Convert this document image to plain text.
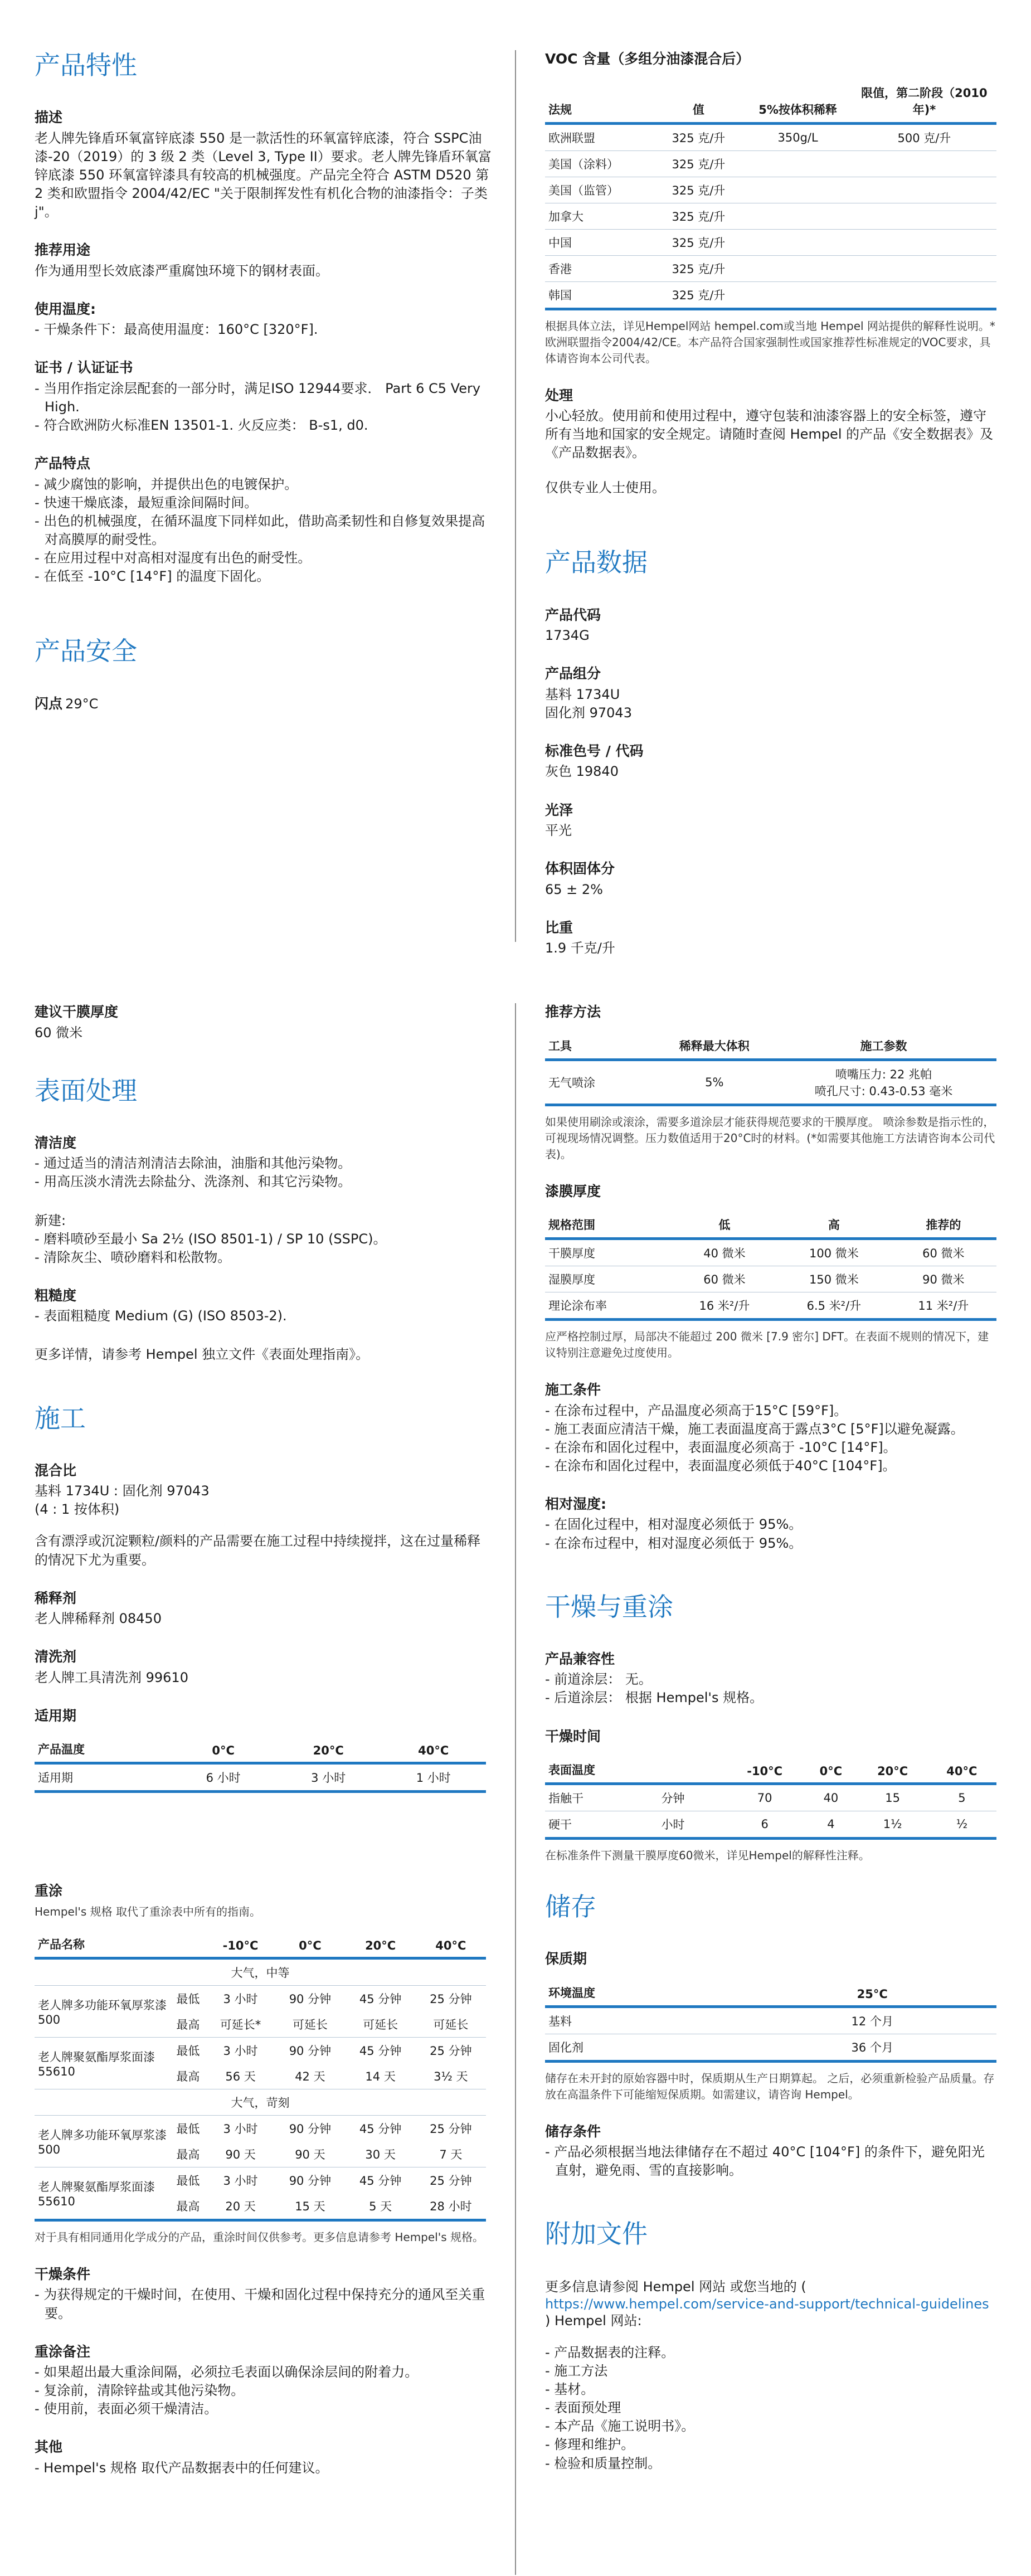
产品特性
描述

老人牌先锋盾环氧富锌底漆 550 是一款活性的环氧富锌底漆，符合 SSPC油漆-20（2019）的 3 级 2 类（Level 3, Type II）要求。老人牌先锋盾环氧富锌底漆 550 环氧富锌漆具有较高的机械强度。产品完全符合 ASTM D520 第 2 类和欧盟指令 2004/42/EC "关于限制挥发性有机化合物的油漆指令：子类j"。

推荐用途

作为通用型长效底漆严重腐蚀环境下的钢材表面。

使用温度:
- 干燥条件下：最高使用温度：160°C [320°F].
证书 / 认证证书
- 当用作指定涂层配套的一部分时，满足ISO 12944要求． Part 6 C5 Very High.
- 符合欧洲防火标准EN 13501-1. 火反应类： B-s1, d0.
产品特点
- 减少腐蚀的影响，并提供出色的电镀保护。
- 快速干燥底漆，最短重涂间隔时间。
- 出色的机械强度，在循环温度下同样如此，借助高柔韧性和自修复效果提高对高膜厚的耐受性。
- 在应用过程中对高相对湿度有出色的耐受性。
- 在低至 -10°C [14°F] 的温度下固化。
产品安全
闪点 29°C
VOC 含量（多组分油漆混合后）
法规	值	5%按体积稀释	限值，第二阶段（2010年)*
欧洲联盟	325 克/升	350g/L	500 克/升
美国（涂料）	325 克/升		
美国（监管）	325 克/升		
加拿大	325 克/升		
中国	325 克/升		
香港	325 克/升		
韩国	325 克/升		

根据具体立法，详见Hempel网站 hempel.com或当地 Hempel 网站提供的解释性说明。*欧洲联盟指令2004/42/CE。本产品符合国家强制性或国家推荐性标准规定的VOC要求，具体请咨询本公司代表。

处理

小心轻放。使用前和使用过程中，遵守包装和油漆容器上的安全标签，遵守所有当地和国家的安全规定。请随时查阅 Hempel 的产品《安全数据表》及《产品数据表》。

仅供专业人士使用。

产品数据
产品代码
1734G
产品组分
基料 1734U
固化剂 97043
标准色号 / 代码
灰色 19840
光泽
平光
体积固体分
65 ± 2%
比重
1.9 千克/升
建议干膜厚度
60 微米
表面处理
清洁度
- 通过适当的清洁剂清洁去除油，油脂和其他污染物。
- 用高压淡水清洗去除盐分、洗涤剂、和其它污染物。
新建:
- 磨料喷砂至最小 Sa 2½ (ISO 8501-1) / SP 10 (SSPC)。
- 清除灰尘、喷砂磨料和松散物。
粗糙度
- 表面粗糙度 Medium (G) (ISO 8503-2).

更多详情，请参考 Hempel 独立文件《表面处理指南》。

施工
混合比
基料 1734U : 固化剂 97043
(4 : 1 按体积)

含有漂浮或沉淀颗粒/颜料的产品需要在施工过程中持续搅拌，这在过量稀释的情况下尤为重要。

稀释剂
老人牌稀释剂 08450
清洗剂
老人牌工具清洗剂 99610
适用期
产品温度	0°C	20°C	40°C
适用期	6 小时	3 小时	1 小时
重涂

Hempel's 规格 取代了重涂表中所有的指南。

产品名称		-10°C	0°C	20°C	40°C
大气，中等					
老人牌多功能环氧厚浆漆 500	最低	3 小时	90 分钟	45 分钟	25 分钟
	最高	可延长*	可延长	可延长	可延长
老人牌聚氨酯厚浆面漆 55610	最低	3 小时	90 分钟	45 分钟	25 分钟
	最高	56 天	42 天	14 天	3½ 天
大气，苛刻					
老人牌多功能环氧厚浆漆 500	最低	3 小时	90 分钟	45 分钟	25 分钟
	最高	90 天	90 天	30 天	7 天
老人牌聚氨酯厚浆面漆 55610	最低	3 小时	90 分钟	45 分钟	25 分钟
	最高	20 天	15 天	5 天	28 小时

对于具有相同通用化学成分的产品，重涂时间仅供参考。更多信息请参考 Hempel's 规格。

干燥条件
- 为获得规定的干燥时间，在使用、干燥和固化过程中保持充分的通风至关重要。
重涂备注
- 如果超出最大重涂间隔，必须拉毛表面以确保涂层间的附着力。
- 复涂前，清除锌盐或其他污染物。
- 使用前，表面必须干燥清洁。
其他
- Hempel's 规格 取代产品数据表中的任何建议。
推荐方法
工具	稀释最大体积	施工参数
无气喷涂	5%	喷嘴压力: 22 兆帕
喷孔尺寸: 0.43-0.53 毫米

如果使用刷涂或滚涂，需要多道涂层才能获得规范要求的干膜厚度。 喷涂参数是指示性的，可视现场情况调整。压力数值适用于20°C时的材料。(*如需要其他施工方法请咨询本公司代表)。

漆膜厚度
规格范围	低	高	推荐的
干膜厚度	40 微米	100 微米	60 微米
湿膜厚度	60 微米	150 微米	90 微米
理论涂布率	16 米²/升	6.5 米²/升	11 米²/升

应严格控制过厚，局部决不能超过 200 微米 [7.9 密尔] DFT。在表面不规则的情况下，建议特别注意避免过度使用。

施工条件
- 在涂布过程中，产品温度必须高于15°C [59°F]。
- 施工表面应清洁干燥，施工表面温度高于露点3°C [5°F]以避免凝露。
- 在涂布和固化过程中，表面温度必须高于 -10°C [14°F]。
- 在涂布和固化过程中，表面温度必须低于40°C [104°F]。
相对湿度:
- 在固化过程中，相对湿度必须低于 95%。
- 在涂布过程中，相对湿度必须低于 95%。
干燥与重涂
产品兼容性
- 前道涂层： 无。
- 后道涂层： 根据 Hempel's 规格。
干燥时间
表面温度		-10°C	0°C	20°C	40°C
指触干	分钟	70	40	15	5
硬干	小时	6	4	1½	½

在标准条件下测量干膜厚度60微米，详见Hempel的解释性注释。

储存
保质期
环境温度	25°C
基料	12 个月
固化剂	36 个月

储存在未开封的原始容器中时，保质期从生产日期算起。 之后，必须重新检验产品质量。存放在高温条件下可能缩短保质期。如需建议，请咨询 Hempel。

储存条件
- 产品必须根据当地法律储存在不超过 40°C [104°F] 的条件下，避免阳光直射，避免雨、雪的直接影响。
附加文件
更多信息请参阅 Hempel 网站 或您当地的 (
https://www.hempel.com/service-and-support/technical-guidelines
) Hempel 网站:
- 产品数据表的注释。
- 施工方法
- 基材。
- 表面预处理
- 本产品《施工说明书》。
- 修理和维护。
- 检验和质量控制。
